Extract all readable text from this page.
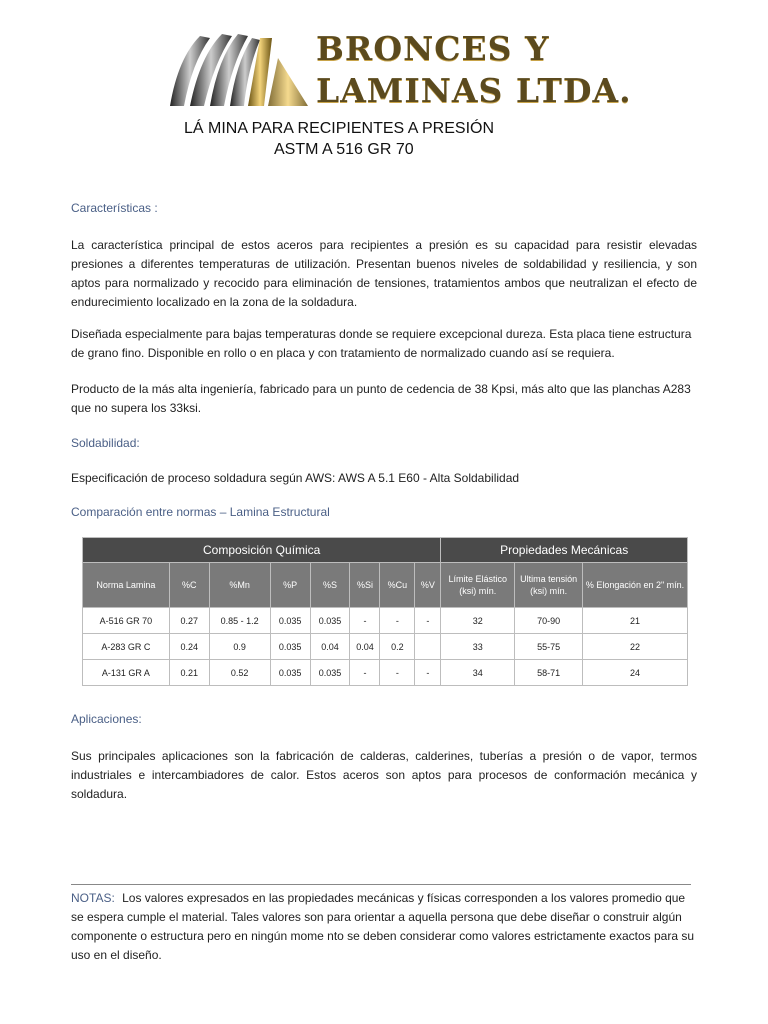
BRONCES Y
LAMINAS LTDA.
LÁ MINA PARA RECIPIENTES A PRESIÓN
ASTM A 516 GR 70
Características :
La característica principal de estos aceros para recipientes a presión es su capacidad para resistir elevadas presiones a diferentes temperaturas de utilización. Presentan buenos niveles de soldabilidad y resiliencia, y son aptos para normalizado y recocido para eliminación de tensiones, tratamientos ambos que neutralizan el efecto de endurecimiento localizado en la zona de la soldadura.
Diseñada especialmente para bajas temperaturas donde se requiere excepcional dureza. Esta placa tiene estructura de grano fino. Disponible en rollo o en placa y con tratamiento de normalizado cuando así se requiera.
Producto de la más alta ingeniería, fabricado para un punto de cedencia de 38 Kpsi, más alto que las planchas A283 que no supera los 33ksi.
Soldabilidad:
Especificación de proceso soldadura según AWS: AWS A 5.1 E60 - Alta Soldabilidad
Comparación entre normas – Lamina Estructural
Composición Química								Propiedades Mecánicas		
Norma Lamina	%C	%Mn	%P	%S	%Si	%Cu	%V	Límite Elástico (ksi) mín.	Ultima tensión (ksi) mín.	% Elongación en 2" mín.
A-516 GR 70	0.27	0.85 - 1.2	0.035	0.035	-	-	-	32	70-90	21
A-283 GR C	0.24	0.9	0.035	0.04	0.04	0.2		33	55-75	22
A-131 GR A	0.21	0.52	0.035	0.035	-	-	-	34	58-71	24
Aplicaciones:
Sus principales aplicaciones son la fabricación de calderas, calderines, tuberías a presión o de vapor, termos industriales e intercambiadores de calor. Estos aceros son aptos para procesos de conformación mecánica y soldadura.
NOTAS: Los valores expresados en las propiedades mecánicas y físicas corresponden a los valores promedio que se espera cumple el material. Tales valores son para orientar a aquella persona que debe diseñar o construir algún componente o estructura pero en ningún mome nto se deben considerar como valores estrictamente exactos para su uso en el diseño.
